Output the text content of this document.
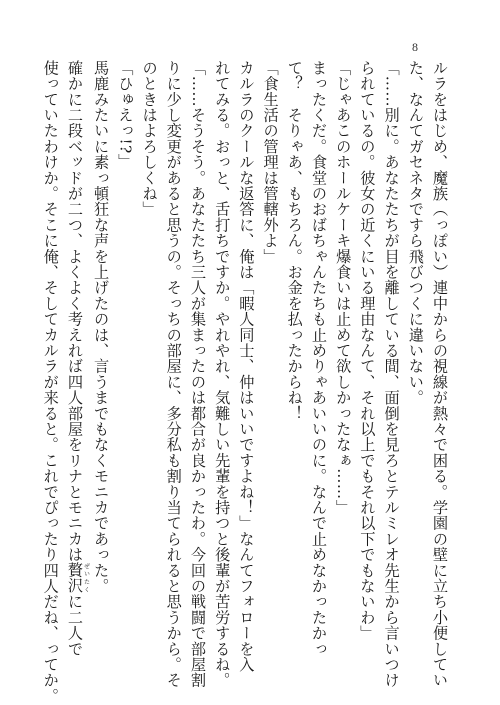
8
ルラをはじめ、魔族（っぽい）連中からの視線が熱々で困る。学園の壁に立ち小便してい
た、なんてガセネタですら飛びつくに違いない。
「……別に。あなたたちが目を離している間、面倒を見ろとテルミレオ先生から言いつけ
られているの。彼女の近くにいる理由なんて、それ以上でもそれ以下でもないわ」
「じゃあこのホールケーキ爆食いは止めて欲しかったなぁ……」
まったくだ。食堂のおばちゃんたちも止めりゃあいいのに。なんで止めなかったかっ
て？　そりゃあ、もちろん。お金を払ったからね！
「食生活の管理は管轄外よ」
カルラのクールな返答に、俺は「暇人同士、仲はいいですよね！」なんてフォローを入
れてみる。おっと、舌打ちですか。やれやれ、気難しい先輩を持つと後輩が苦労するね。
「……そうそう。あなたたち三人が集まったのは都合が良かったわ。今回の戦闘で部屋割
りに少し変更があると思うの。そっちの部屋に、多分私も割り当てられると思うから。そ
のときはよろしくね」
「ひゅえっ!?」
馬鹿みたいに素っ頓狂な声を上げたのは、言うまでもなくモニカであった。
確かに二段ベッドが二つ、よくよく考えれば四人部屋をリナとモニカは贅沢ぜいたくに二人で
使っていたわけか。そこに俺、そしてカルラが来ると。これでぴったり四人だね、ってか。
